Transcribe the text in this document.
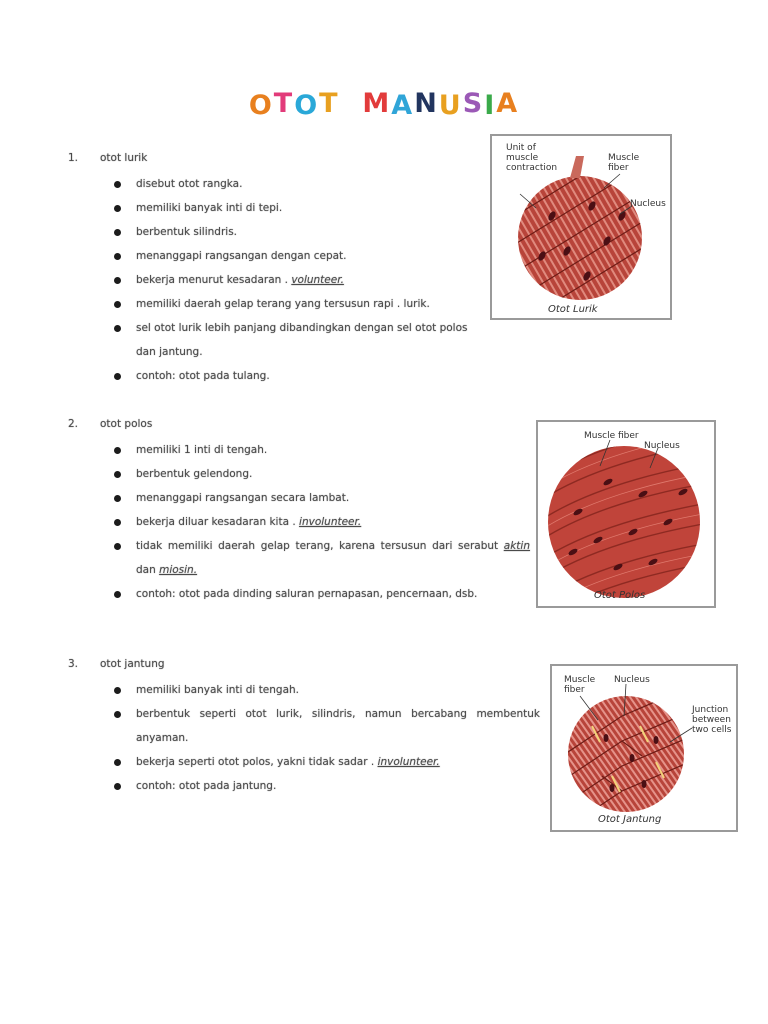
OTOT MANUSIA
1. otot lurik
disebut otot rangka.
memiliki banyak inti di tepi.
berbentuk silindris.
menanggapi rangsangan dengan cepat.
bekerja menurut kesadaran . volunteer.
memiliki daerah gelap terang yang tersusun rapi . lurik.
sel otot lurik lebih panjang dibandingkan dengan sel otot polos dan jantung.
contoh: otot pada tulang.
2. otot polos
memiliki 1 inti di tengah.
berbentuk gelendong.
menanggapi rangsangan secara lambat.
bekerja diluar kesadaran kita . involunteer.
tidak memiliki daerah gelap terang, karena tersusun dari serabut aktin dan miosin.
contoh: otot pada dinding saluran pernapasan, pencernaan, dsb.
3. otot jantung
memiliki banyak inti di tengah.
berbentuk seperti otot lurik, silindris, namun bercabang membentuk anyaman.
bekerja seperti otot polos, yakni tidak sadar . involunteer.
contoh: otot pada jantung.
Unit of muscle contraction
Muscle fiber
Nucleus
Otot Lurik
Muscle fiber
Nucleus
Otot Polos
Muscle fiber
Nucleus
Junction between two cells
Otot Jantung
